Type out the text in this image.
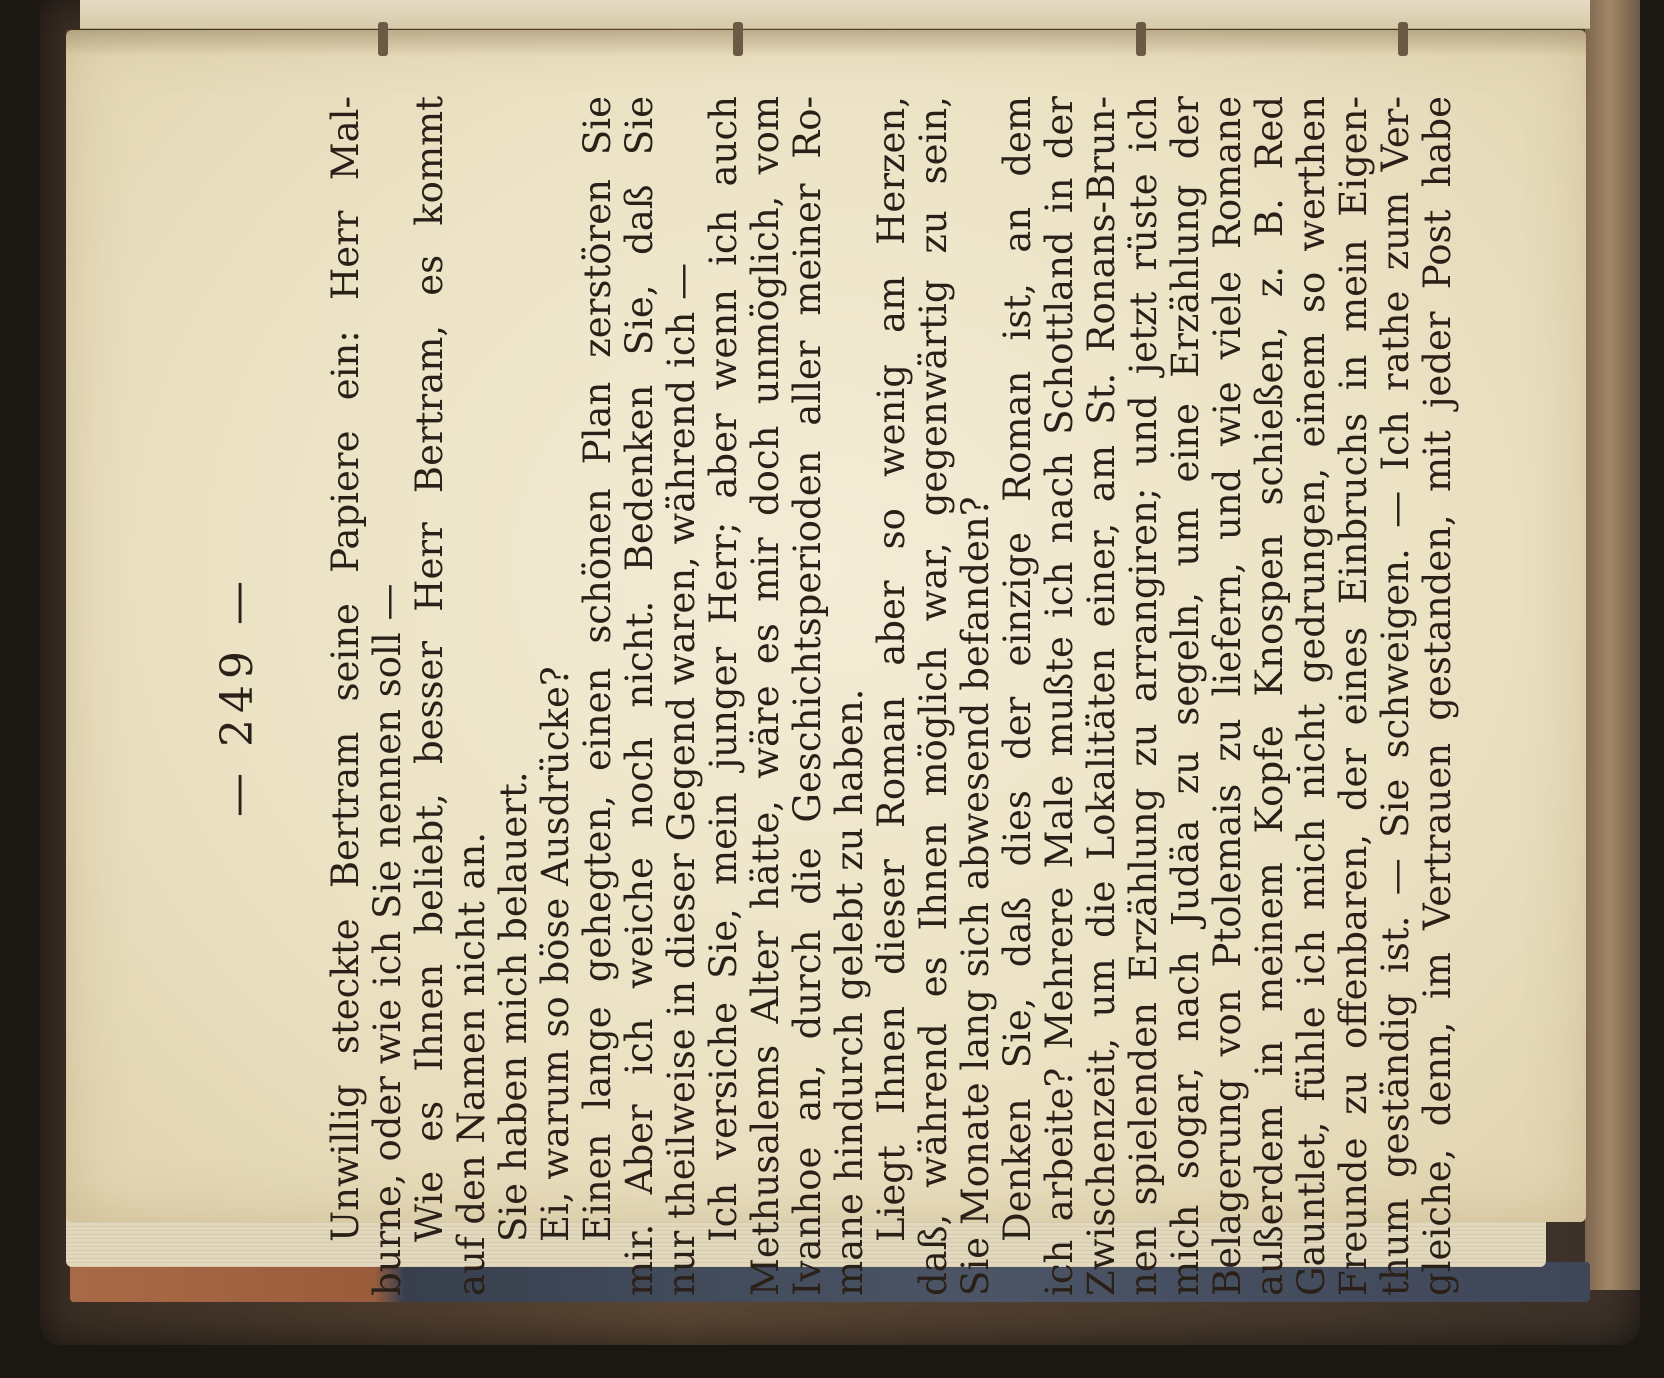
— 249 —	Unwillig steckte Bertram seine Papiere ein: Herr Mal- burne, oder wie ich Sie nennen soll — Wie es Ihnen beliebt, besser Herr Bertram, es kommt auf den Namen nicht an. Sie haben mich belauert. Ei, warum so böse Ausdrücke? Einen lange gehegten, einen schönen Plan zerstören Sie mir. Aber ich weiche noch nicht. Bedenken Sie, daß Sie nur theilweise in dieser Gegend waren, während ich — Ich versiche Sie, mein junger Herr; aber wenn ich auch Methusalems Alter hätte, wäre es mir doch unmöglich, vom Ivanhoe an, durch die Geschichtsperioden aller meiner Ro- mane hindurch gelebt zu haben. Liegt Ihnen dieser Roman aber so wenig am Herzen, daß, während es Ihnen möglich war, gegenwärtig zu sein, Sie Monate lang sich abwesend befanden? Denken Sie, daß dies der einzige Roman ist, an dem ich arbeite? Mehrere Male mußte ich nach Schottland in der Zwischenzeit, um die Lokalitäten einer, am St. Ronans-Brun- nen spielenden Erzählung zu arrangiren; und jetzt rüste ich mich sogar, nach Judäa zu segeln, um eine Erzählung der Belagerung von Ptolemais zu liefern, und wie viele Romane außerdem in meinem Kopfe Knospen schießen, z. B. Red Gauntlet, fühle ich mich nicht gedrungen, einem so werthen Freunde zu offenbaren, der eines Einbruchs in mein Eigen- thum geständig ist. — Sie schweigen. — Ich rathe zum Ver- gleiche, denn, im Vertrauen gestanden, mit jeder Post habe
